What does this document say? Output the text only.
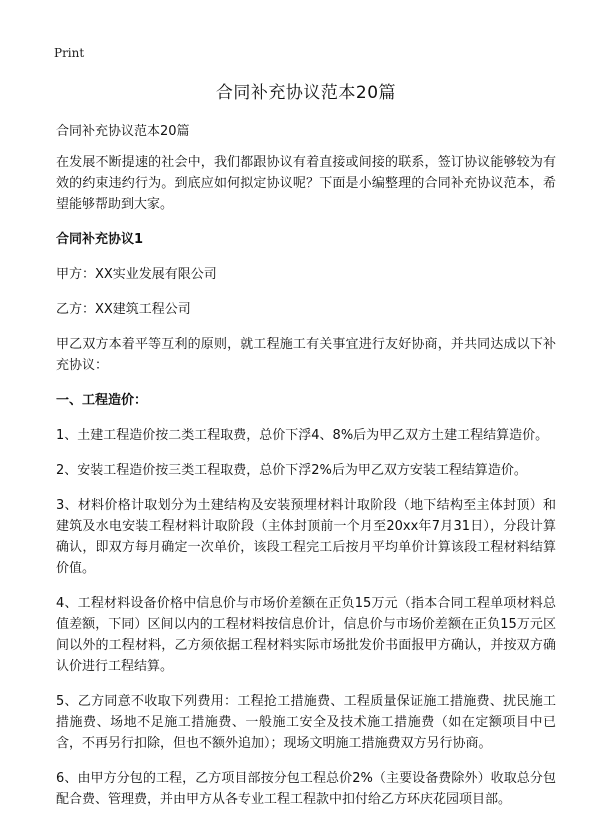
Print
合同补充协议范本20篇

合同补充协议范本20篇

在发展不断提速的社会中，我们都跟协议有着直接或间接的联系，签订协议能够较为有效的约束违约行为。到底应如何拟定协议呢？下面是小编整理的合同补充协议范本，希望能够帮助到大家。

合同补充协议1

甲方：XX实业发展有限公司

乙方：XX建筑工程公司

甲乙双方本着平等互利的原则，就工程施工有关事宜进行友好协商，并共同达成以下补充协议：

一、工程造价：

1、土建工程造价按二类工程取费，总价下浮4、8%后为甲乙双方土建工程结算造价。

2、安装工程造价按三类工程取费，总价下浮2%后为甲乙双方安装工程结算造价。

3、材料价格计取划分为土建结构及安装预埋材料计取阶段（地下结构至主体封顶）和建筑及水电安装工程材料计取阶段（主体封顶前一个月至20xx年7月31日），分段计算确认，即双方每月确定一次单价，该段工程完工后按月平均单价计算该段工程材料结算价值。

4、工程材料设备价格中信息价与市场价差额在正负15万元（指本合同工程单项材料总值差额，下同）区间以内的工程材料按信息价计，信息价与市场价差额在正负15万元区间以外的工程材料，乙方须依据工程材料实际市场批发价书面报甲方确认，并按双方确认价进行工程结算。

5、乙方同意不收取下列费用：工程抢工措施费、工程质量保证施工措施费、扰民施工措施费、场地不足施工措施费、一般施工安全及技术施工措施费（如在定额项目中已含，不再另行扣除，但也不额外追加）；现场文明施工措施费双方另行协商。

6、由甲方分包的工程，乙方项目部按分包工程总价2%（主要设备费除外）收取总分包配合费、管理费，并由甲方从各专业工程工程款中扣付给乙方环庆花园项目部。
